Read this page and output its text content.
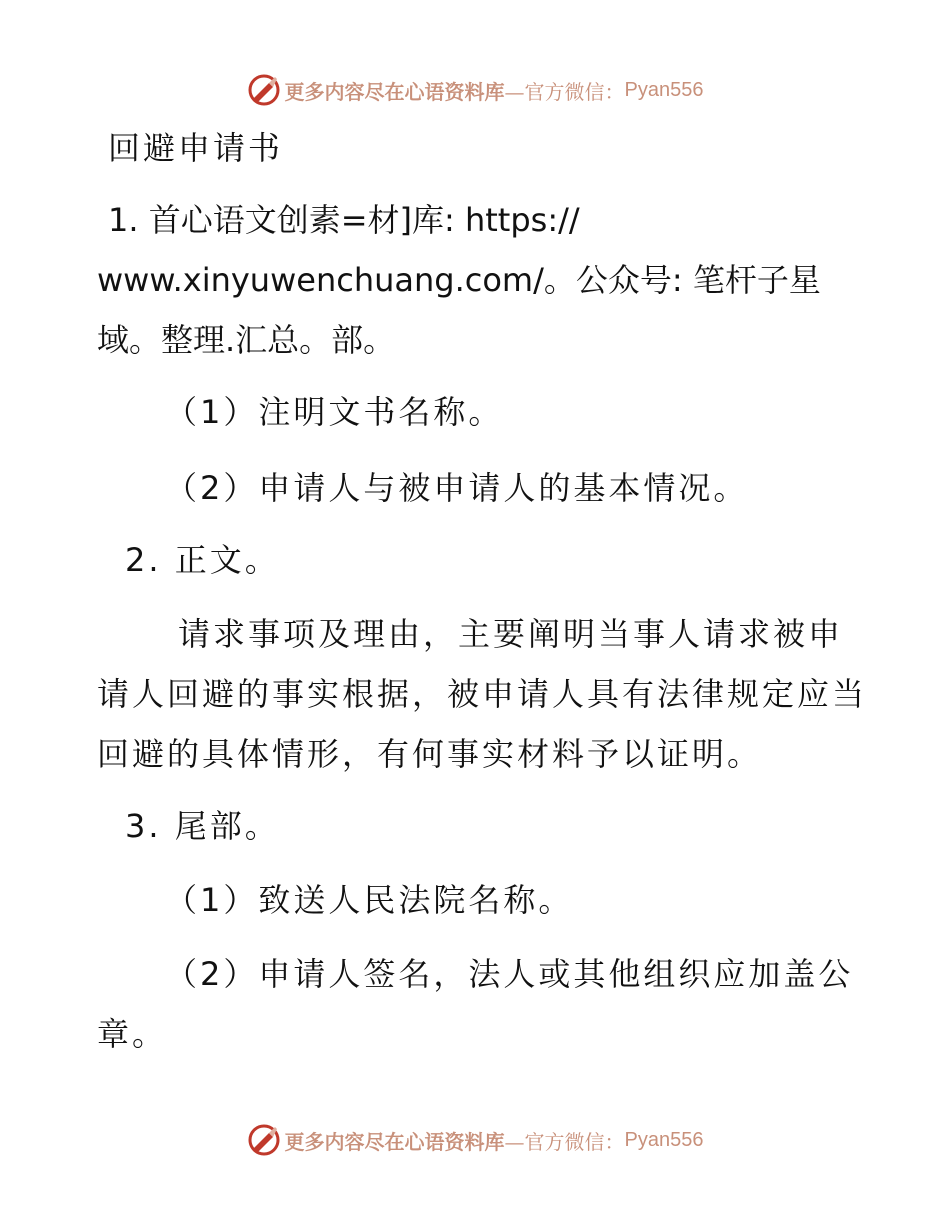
更多内容尽在心语资料库 —官方微信： Pyan556
回避申请书
1. 首心语文创素=材]库: https://
www.xinyuwenchuang.com/。公众号: 笔杆子星
域。整理.汇总。部。
（1）注明文书名称。
（2）申请人与被申请人的基本情况。
2. 正文。
请求事项及理由，主要阐明当事人请求被申
请人回避的事实根据，被申请人具有法律规定应当
回避的具体情形，有何事实材料予以证明。
3. 尾部。
（1）致送人民法院名称。
（2）申请人签名，法人或其他组织应加盖公
章。
更多内容尽在心语资料库 —官方微信： Pyan556
